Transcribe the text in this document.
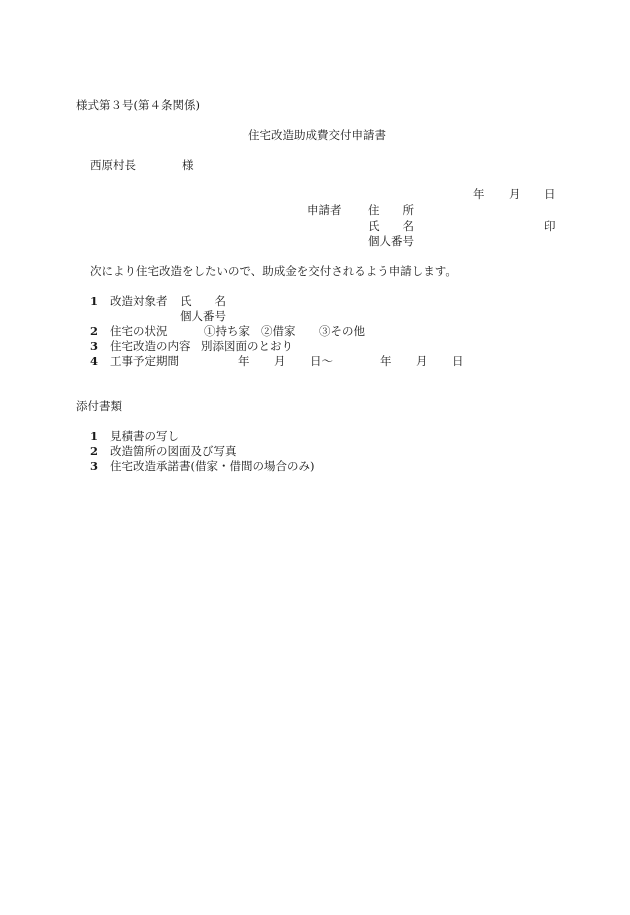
様式第３号(第４条関係)
住宅改造助成費交付申請書
西原村長	様
年 月 日
申請者 住　　所
氏　　名	印
個人番号
次により住宅改造をしたいので、助成金を交付されるよう申請します。
1 改造対象者 氏　　名
個人番号
2 住宅の状況	①持ち家 ②借家 ③その他
3 住宅改造の内容 別添図面のとおり
4 工事予定期間	年 月 日～	年 月 日
添付書類
1 見積書の写し
2 改造箇所の図面及び写真
3 住宅改造承諾書(借家・借間の場合のみ)
